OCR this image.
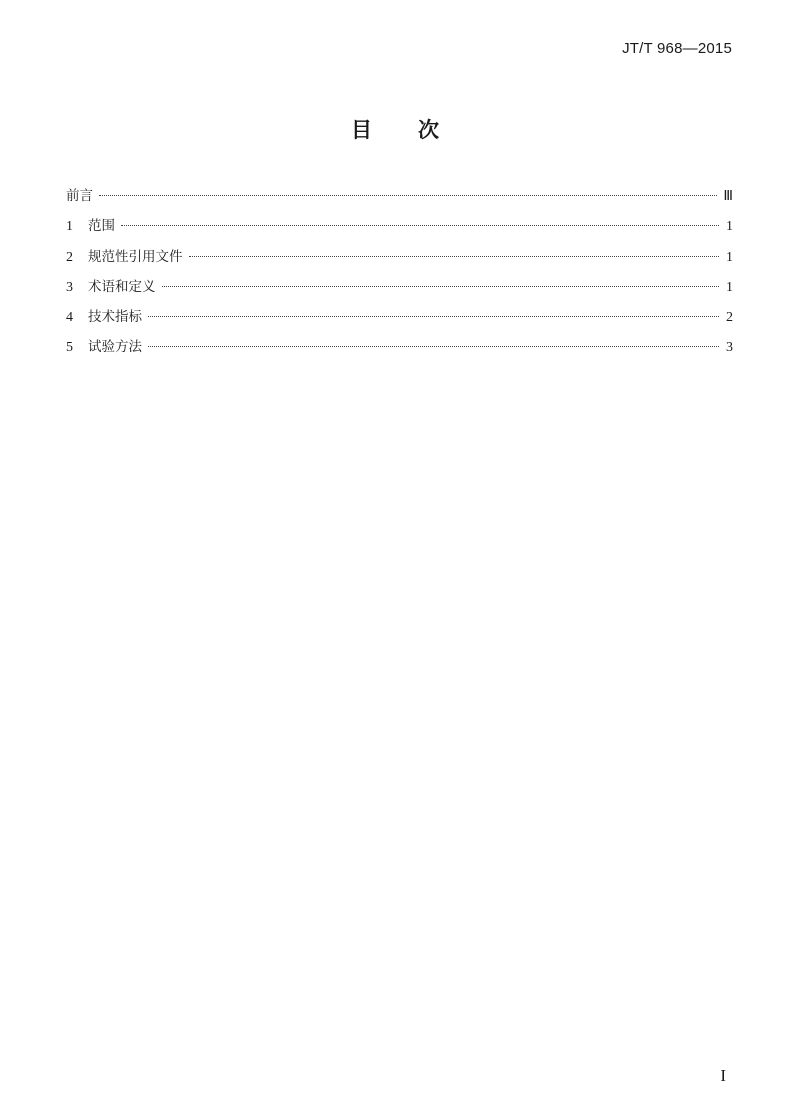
JT/T 968—2015
目次
前言	Ⅲ
1	范围	1
2	规范性引用文件	1
3	术语和定义	1
4	技术指标	2
5	试验方法	3
I
